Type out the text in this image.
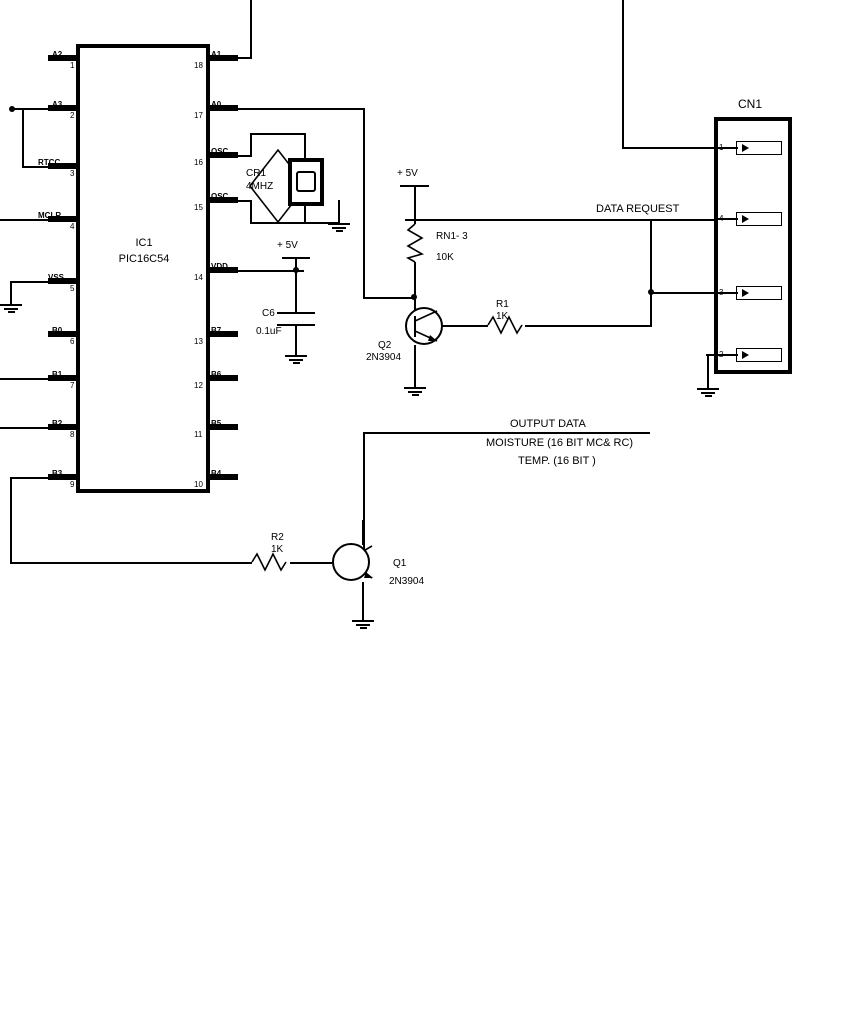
A2
A3
RTCC
MCLR
VSS
B0
B1
B2
B3
1
2
3
4
5
6
7
8
9
A1
A0
OSC
OSC
VDD
B7
B6
B5
B4
18
17
16
15
14
13
12
11
10
IC1
PIC16C54
CR1
4MHZ
+ 5V
C6
0.1uF
+ 5V
RN1- 3
10K
Q2
2N3904
R1
1K
Q1
2N3904
R2
1K
CN1
DATA REQUEST
OUTPUT DATA
MOISTURE (16 BIT MC& RC)
TEMP. (16 BIT )
